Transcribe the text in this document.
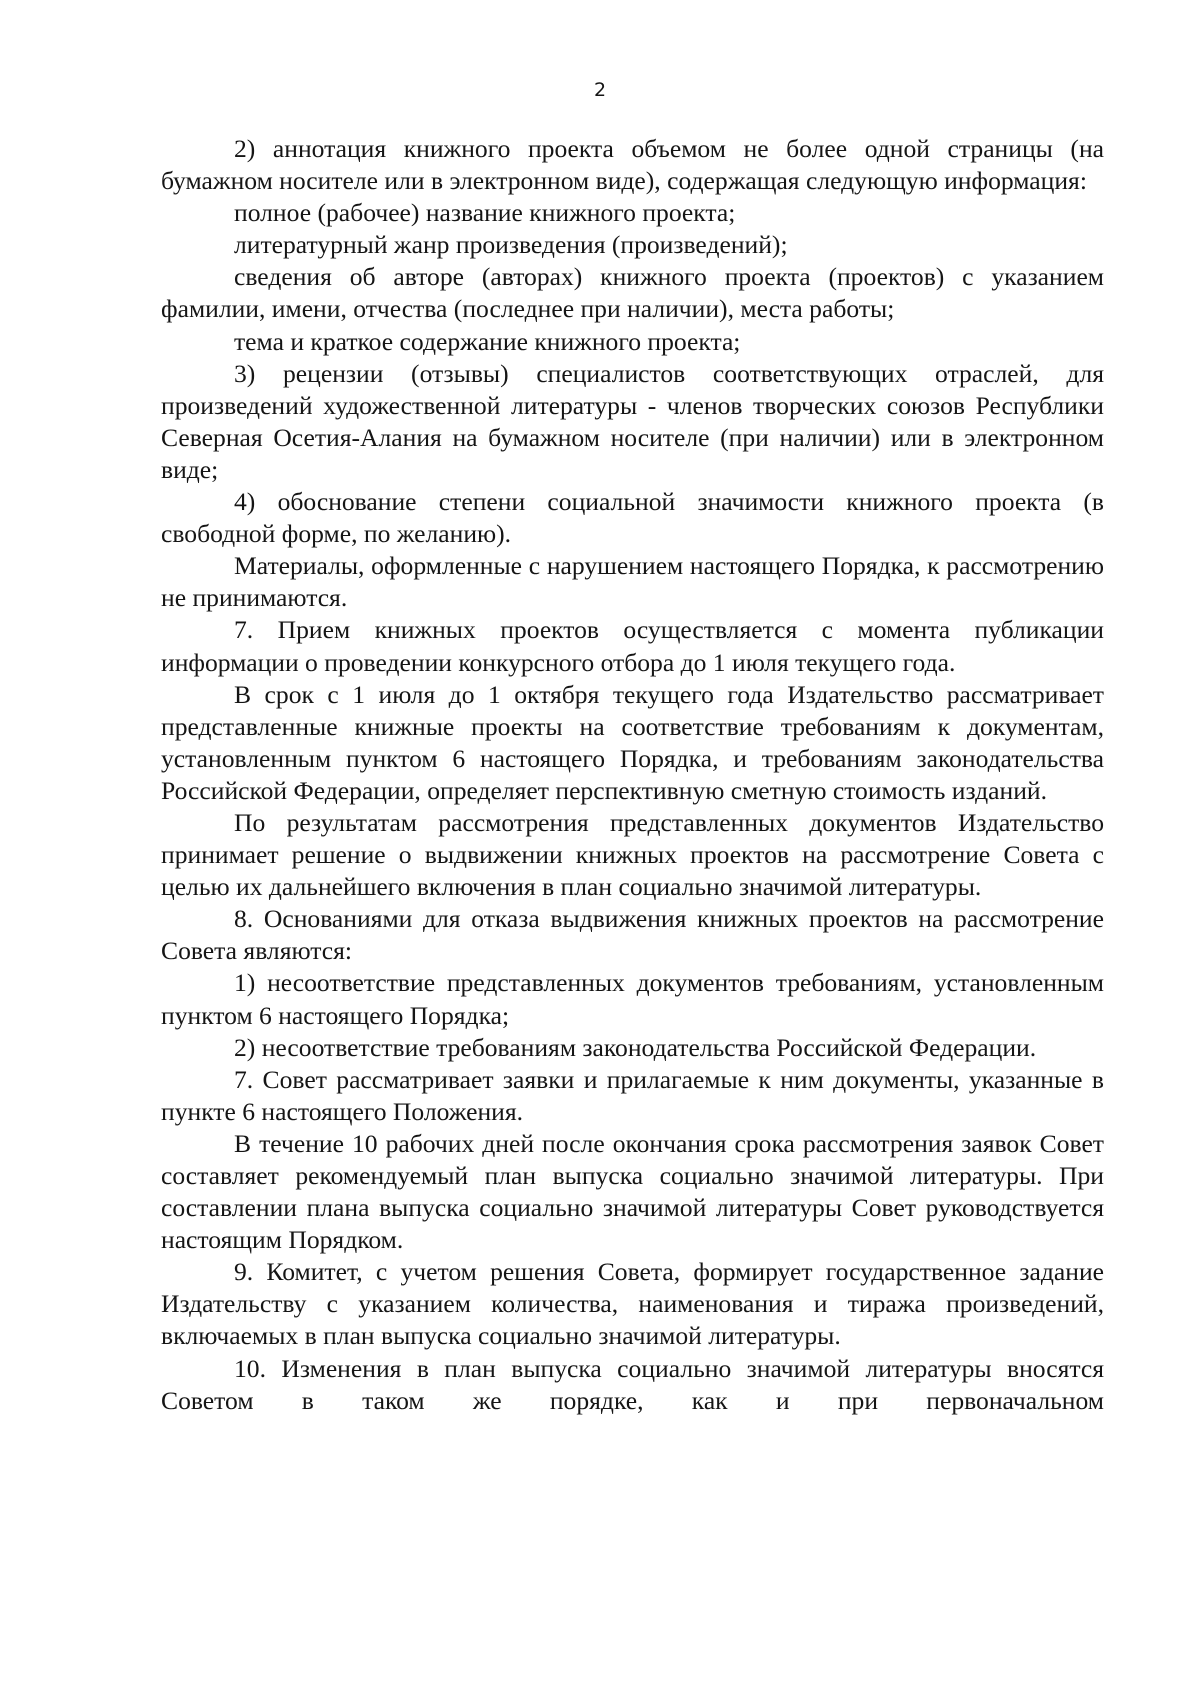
2

2) аннотация книжного проекта объемом не более одной страницы (на бумажном носителе или в электронном виде), содержащая следующую информация:

полное (рабочее) название книжного проекта;

литературный жанр произведения (произведений);

сведения об авторе (авторах) книжного проекта (проектов) с указанием фамилии, имени, отчества (последнее при наличии), места работы;

тема и краткое содержание книжного проекта;

3) рецензии (отзывы) специалистов соответствующих отраслей, для произведений художественной литературы - членов творческих союзов Республики Северная Осетия-Алания на бумажном носителе (при наличии) или в электронном виде;

4) обоснование степени социальной значимости книжного проекта (в свободной форме, по желанию).

Материалы, оформленные с нарушением настоящего Порядка, к рассмотрению не принимаются.

7. Прием книжных проектов осуществляется с момента публикации информации о проведении конкурсного отбора до 1 июля текущего года.

В срок с 1 июля до 1 октября текущего года Издательство рассматривает представленные книжные проекты на соответствие требованиям к документам, установленным пунктом 6 настоящего Порядка, и требованиям законодательства Российской Федерации, определяет перспективную сметную стоимость изданий.

По результатам рассмотрения представленных документов Издательство принимает решение о выдвижении книжных проектов на рассмотрение Совета с целью их дальнейшего включения в план социально значимой литературы.

8. Основаниями для отказа выдвижения книжных проектов на рассмотрение Совета являются:

1) несоответствие представленных документов требованиям, установленным пунктом 6 настоящего Порядка;

2) несоответствие требованиям законодательства Российской Федерации.

7. Совет рассматривает заявки и прилагаемые к ним документы, указанные в пункте 6 настоящего Положения.

В течение 10 рабочих дней после окончания срока рассмотрения заявок Совет составляет рекомендуемый план выпуска социально значимой литературы. При составлении плана выпуска социально значимой литературы Совет руководствуется настоящим Порядком.

9. Комитет, с учетом решения Совета, формирует государственное задание Издательству с указанием количества, наименования и тиража произведений, включаемых в план выпуска социально значимой литературы.

10. Изменения в план выпуска социально значимой литературы вносятся Советом в таком же порядке, как и при первоначальном
